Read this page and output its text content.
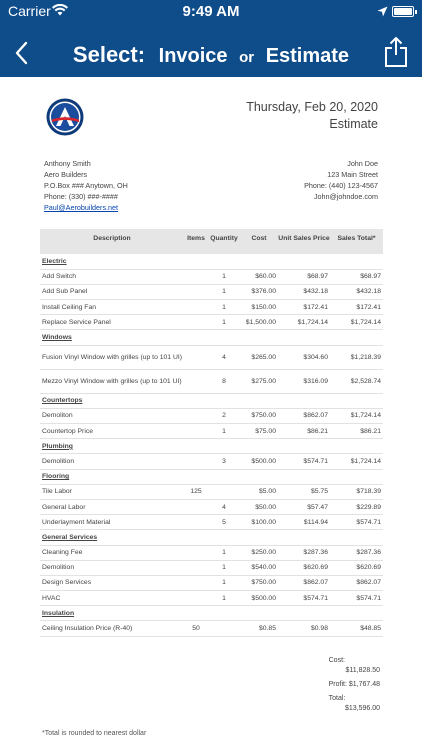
Carrier	9:49 AM
Select: Invoice or Estimate
Thursday, Feb 20, 2020
Estimate
Anthony Smith
Aero Builders
P.O.Box ### Anytown, OH
Phone: (330) ###-####
Paul@Aerobuilders.net
John Doe
123 Main Street
Phone: (440) 123-4567
John@johndoe.com
Description	Items	Quantity	Cost	Unit Sales Price	Sales Total*
Electric					
Add Switch		1	$60.00	$68.97	$68.97
Add Sub Panel		1	$376.00	$432.18	$432.18
Install Ceiling Fan		1	$150.00	$172.41	$172.41
Replace Service Panel		1	$1,500.00	$1,724.14	$1,724.14
Windows					
Fusion Vinyl Window with grilles (up to 101 UI)		4	$265.00	$304.60	$1,218.39
Mezzo Vinyl Window with grilles (up to 101 UI)		8	$275.00	$316.09	$2,528.74
Countertops					
Demoliton		2	$750.00	$862.07	$1,724.14
Countertop Price		1	$75.00	$86.21	$86.21
Plumbing					
Demolition		3	$500.00	$574.71	$1,724.14
Flooring					
Tile Labor	125		$5.00	$5.75	$718.39
General Labor		4	$50.00	$57.47	$229.89
Underlayment Material		5	$100.00	$114.94	$574.71
General Services					
Cleaning Fee		1	$250.00	$287.36	$287.36
Demolition		1	$540.00	$620.69	$620.69
Design Services		1	$750.00	$862.07	$862.07
HVAC		1	$500.00	$574.71	$574.71
Insulation					
Ceiling Insulation Price (R-40)	50		$0.85	$0.98	$48.85
Cost:
$11,828.50
Profit: $1,767.48
Total:
$13,596.00
*Total is rounded to nearest dollar
